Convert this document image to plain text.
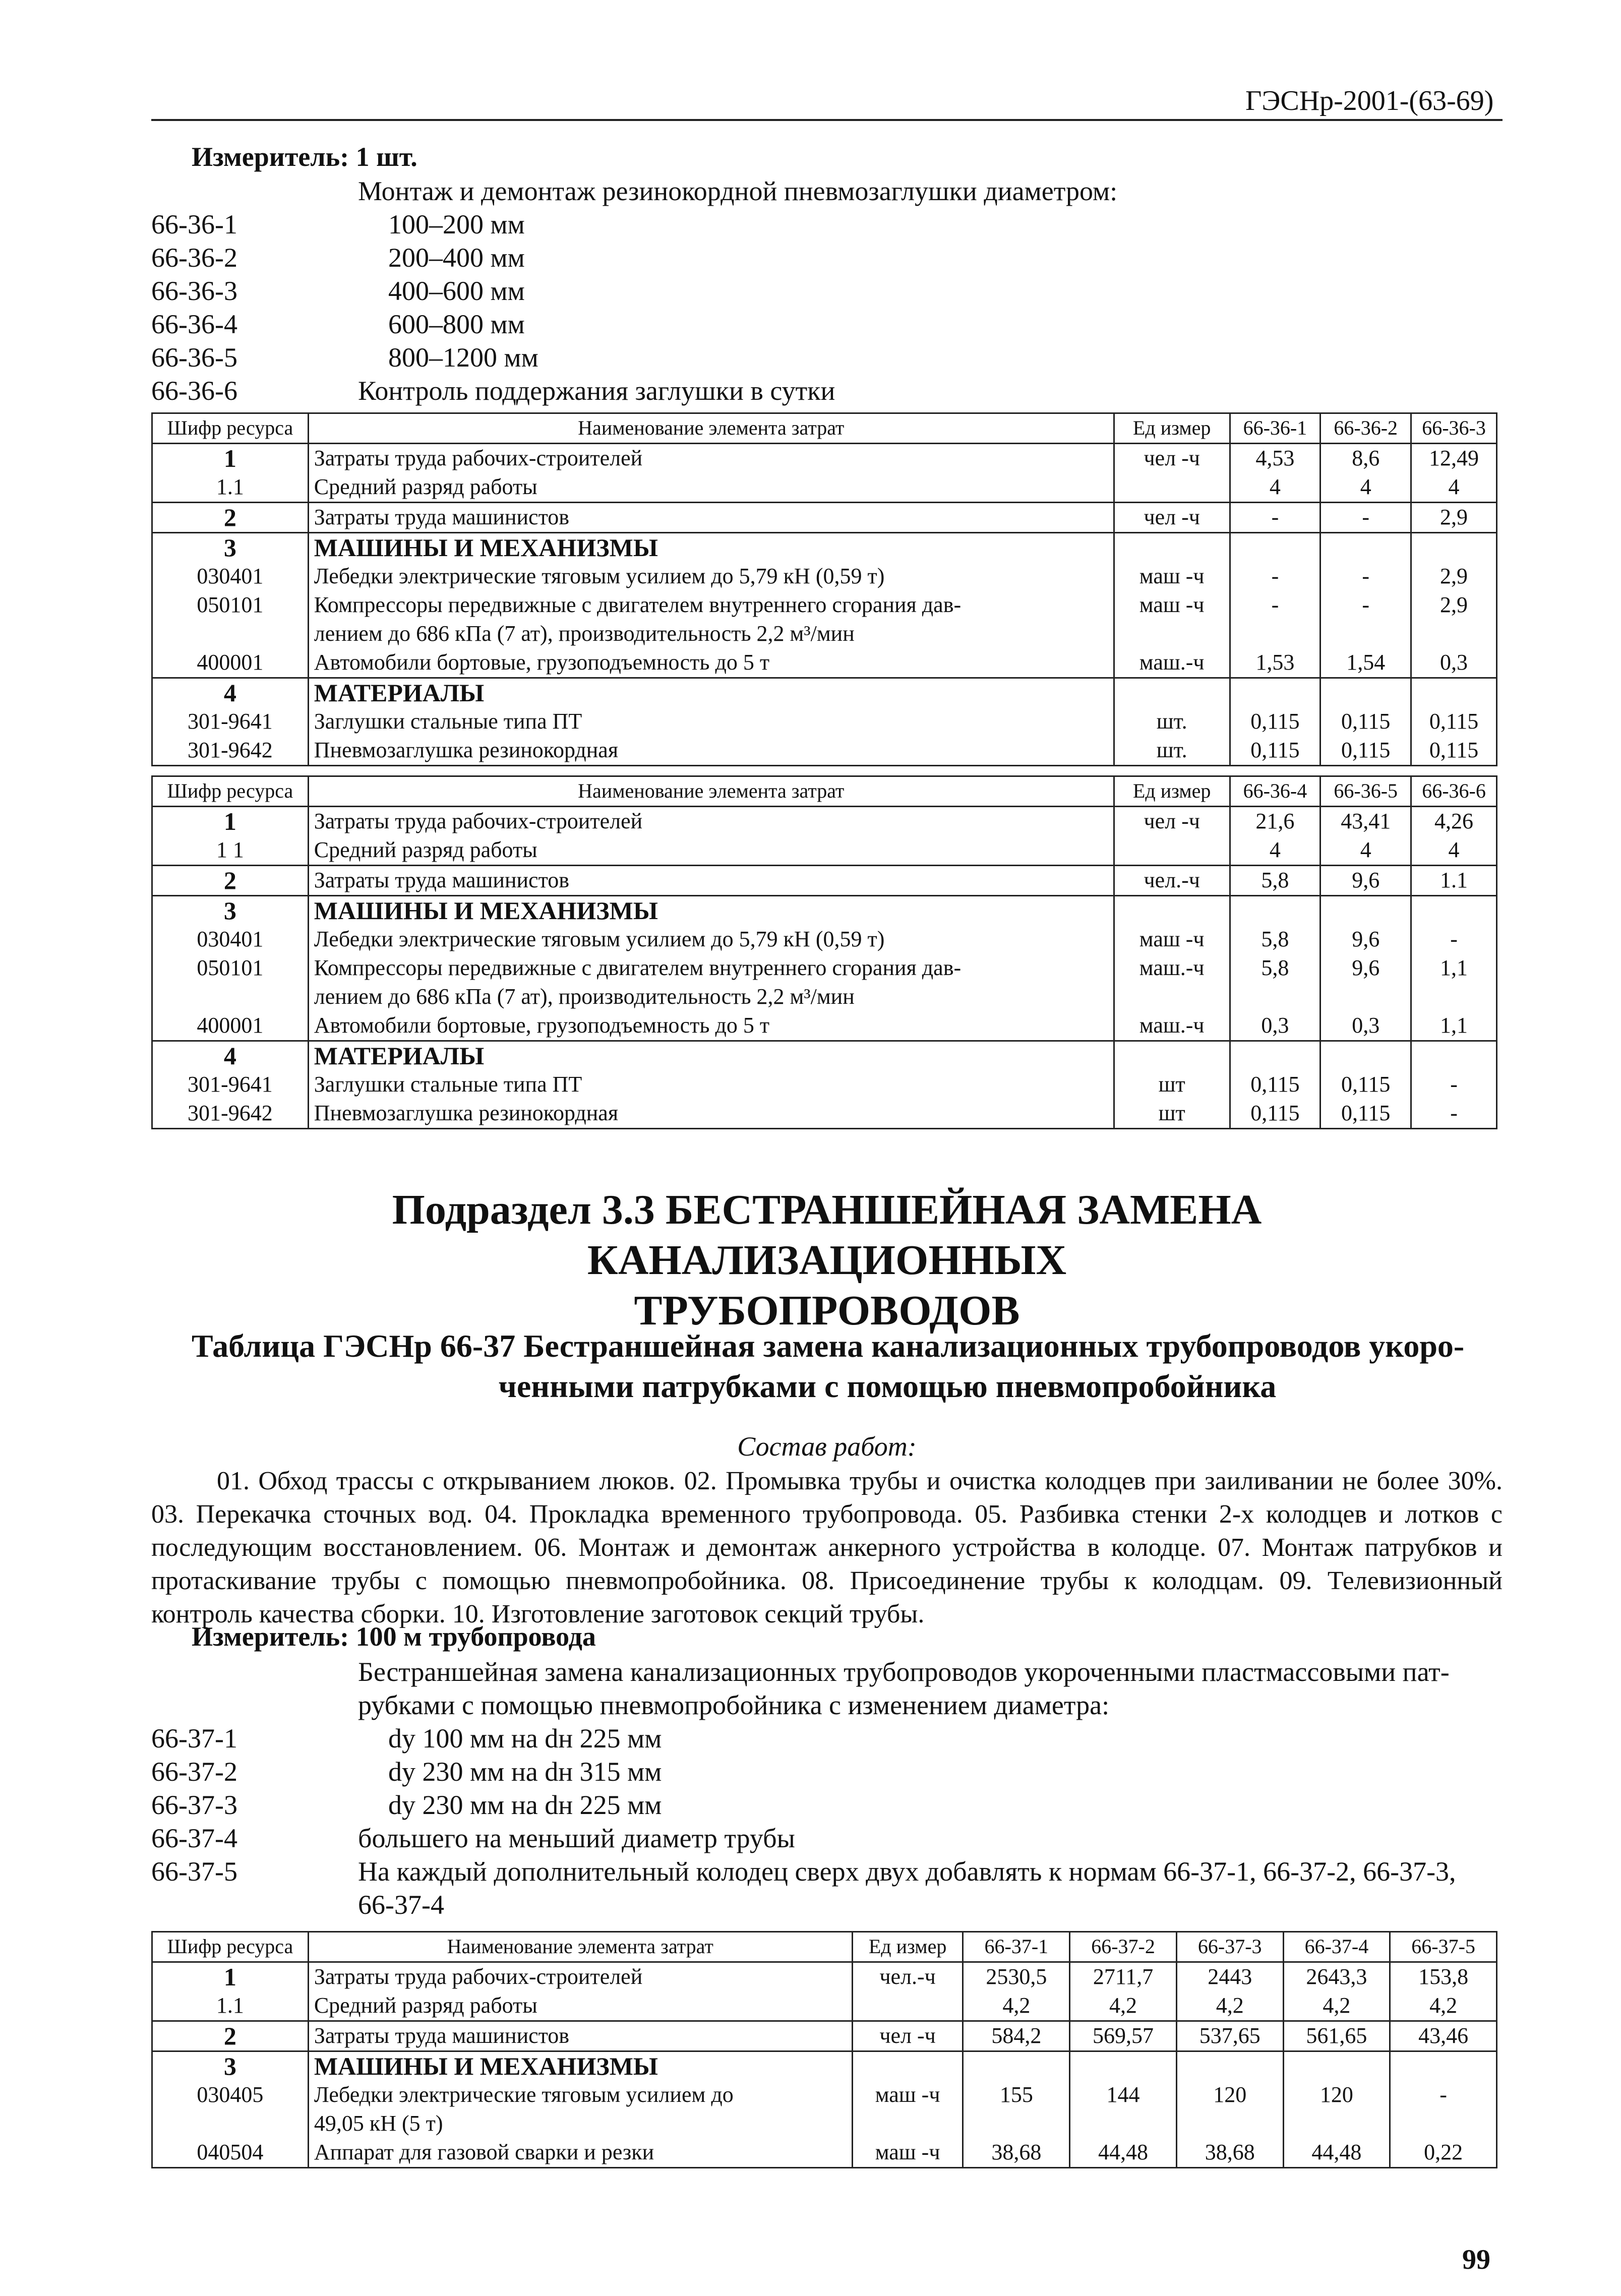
ГЭСНр-2001-(63-69)
Измеритель: 1 шт.
Монтаж и демонтаж резинокордной пневмозаглушки диаметром:
66-36-1	100–200 мм
66-36-2	200–400 мм
66-36-3	400–600 мм
66-36-4	600–800 мм
66-36-5	800–1200 мм
66-36-6	Контроль поддержания заглушки в сутки
Шифр ресурса	Наименование элемента затрат	Ед измер	66-36-1	66-36-2	66-36-3
1	Затраты труда рабочих-строителей	чел -ч	4,53	8,6	12,49
1.1	Средний разряд работы		4	4	4
2	Затраты труда машинистов	чел -ч	-	-	2,9
3	МАШИНЫ И МЕХАНИЗМЫ				
030401	Лебедки электрические тяговым усилием до 5,79 кН (0,59 т)	маш -ч	-	-	2,9
050101	Компрессоры передвижные с двигателем внутреннего сгорания дав-	маш -ч	-	-	2,9
	лением до 686 кПа (7 ат), производительность 2,2 м³/мин				
400001	Автомобили бортовые, грузоподъемность до 5 т	маш.-ч	1,53	1,54	0,3
4	МАТЕРИАЛЫ				
301-9641	Заглушки стальные типа ПТ	шт.	0,115	0,115	0,115
301-9642	Пневмозаглушка резинокордная	шт.	0,115	0,115	0,115
Шифр ресурса	Наименование элемента затрат	Ед измер	66-36-4	66-36-5	66-36-6
1	Затраты труда рабочих-строителей	чел -ч	21,6	43,41	4,26
1 1	Средний разряд работы		4	4	4
2	Затраты труда машинистов	чел.-ч	5,8	9,6	1.1
3	МАШИНЫ И МЕХАНИЗМЫ				
030401	Лебедки электрические тяговым усилием до 5,79 кН (0,59 т)	маш -ч	5,8	9,6	-
050101	Компрессоры передвижные с двигателем внутреннего сгорания дав-	маш.-ч	5,8	9,6	1,1
	лением до 686 кПа (7 ат), производительность 2,2 м³/мин				
400001	Автомобили бортовые, грузоподъемность до 5 т	маш.-ч	0,3	0,3	1,1
4	МАТЕРИАЛЫ				
301-9641	Заглушки стальные типа ПТ	шт	0,115	0,115	-
301-9642	Пневмозаглушка резинокордная	шт	0,115	0,115	-
Подраздел 3.3 БЕСТРАНШЕЙНАЯ ЗАМЕНА КАНАЛИЗАЦИОННЫХ
ТРУБОПРОВОДОВ
Таблица ГЭСНр 66-37 Бестраншейная замена канализационных трубопроводов укоро-
ченными патрубками с помощью пневмопробойника
Состав работ:
01. Обход трассы с открыванием люков. 02. Промывка трубы и очистка колодцев при заиливании не более 30%. 03. Перекачка сточных вод. 04. Прокладка временного трубопровода. 05. Разбивка стенки 2-х колодцев и лотков с последующим восстановлением. 06. Монтаж и демонтаж анкерного устройства в колодце. 07. Монтаж патрубков и протаскивание трубы с помощью пневмопробойника. 08. Присоединение трубы к колодцам. 09. Телевизионный контроль качества сборки. 10. Изготовление заготовок секций трубы.
Измеритель: 100 м трубопровода
Бестраншейная замена канализационных трубопроводов укороченными пластмассовыми пат-
рубками с помощью пневмопробойника с изменением диаметра:
66-37-1	dy 100 мм на dн 225 мм
66-37-2	dy 230 мм на dн 315 мм
66-37-3	dy 230 мм на dн 225 мм
66-37-4	большего на меньший диаметр трубы
66-37-5	На каждый дополнительный колодец сверх двух добавлять к нормам 66-37-1, 66-37-2, 66-37-3,
66-37-4
Шифр ресурса	Наименование элемента затрат	Ед измер	66-37-1	66-37-2	66-37-3	66-37-4	66-37-5
1	Затраты труда рабочих-строителей	чел.-ч	2530,5	2711,7	2443	2643,3	153,8
1.1	Средний разряд работы		4,2	4,2	4,2	4,2	4,2
2	Затраты труда машинистов	чел -ч	584,2	569,57	537,65	561,65	43,46
3	МАШИНЫ И МЕХАНИЗМЫ						
030405	Лебедки электрические тяговым усилием до	маш -ч	155	144	120	120	-
	49,05 кН (5 т)						
040504	Аппарат для газовой сварки и резки	маш -ч	38,68	44,48	38,68	44,48	0,22
99
